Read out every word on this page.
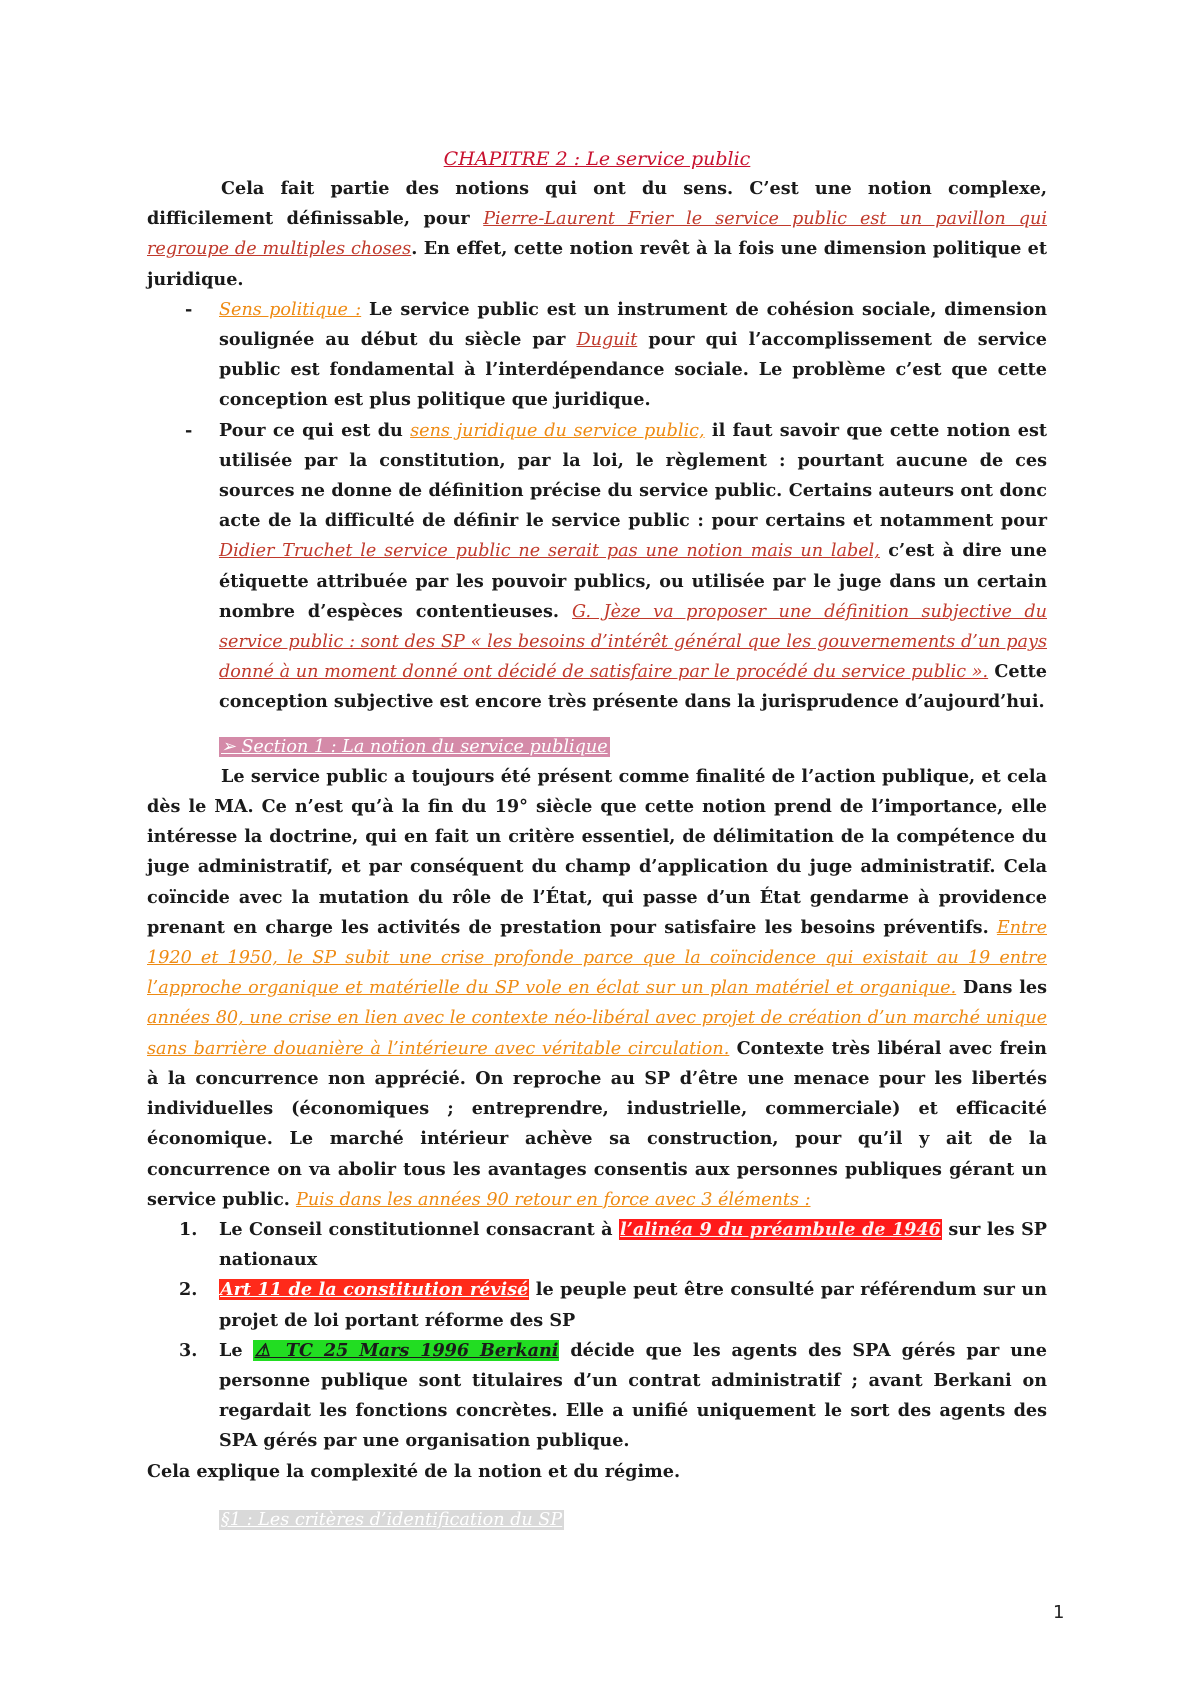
CHAPITRE 2 : Le service public

Cela fait partie des notions qui ont du sens. C’est une notion complexe, difficilement définissable, pour Pierre-Laurent Frier le service public est un pavillon qui regroupe de multiples choses. En effet, cette notion revêt à la fois une dimension politique et juridique.

- Sens politique : Le service public est un instrument de cohésion sociale, dimension soulignée au début du siècle par Duguit pour qui l’accomplissement de service public est fondamental à l’interdépendance sociale. Le problème c’est que cette conception est plus politique que juridique.
- Pour ce qui est du sens juridique du service public, il faut savoir que cette notion est utilisée par la constitution, par la loi, le règlement : pourtant aucune de ces sources ne donne de définition précise du service public. Certains auteurs ont donc acte de la difficulté de définir le service public : pour certains et notamment pour Didier Truchet le service public ne serait pas une notion mais un label, c’est à dire une étiquette attribuée par les pouvoir publics, ou utilisée par le juge dans un certain nombre d’espèces contentieuses. G. Jèze va proposer une définition subjective du service public : sont des SP « les besoins d’intérêt général que les gouvernements d’un pays donné à un moment donné ont décidé de satisfaire par le procédé du service public ». Cette conception subjective est encore très présente dans la jurisprudence d’aujourd’hui.

➢ Section 1 : La notion du service publique

Le service public a toujours été présent comme finalité de l’action publique, et cela dès le MA. Ce n’est qu’à la fin du 19° siècle que cette notion prend de l’importance, elle intéresse la doctrine, qui en fait un critère essentiel, de délimitation de la compétence du juge administratif, et par conséquent du champ d’application du juge administratif. Cela coïncide avec la mutation du rôle de l’État, qui passe d’un État gendarme à providence prenant en charge les activités de prestation pour satisfaire les besoins préventifs. Entre 1920 et 1950, le SP subit une crise profonde parce que la coïncidence qui existait au 19 entre l’approche organique et matérielle du SP vole en éclat sur un plan matériel et organique. Dans les années 80, une crise en lien avec le contexte néo-libéral avec projet de création d’un marché unique sans barrière douanière à l’intérieure avec véritable circulation. Contexte très libéral avec frein à la concurrence non apprécié. On reproche au SP d’être une menace pour les libertés individuelles (économiques ; entreprendre, industrielle, commerciale) et efficacité économique. Le marché intérieur achève sa construction, pour qu’il y ait de la concurrence on va abolir tous les avantages consentis aux personnes publiques gérant un service public. Puis dans les années 90 retour en force avec 3 éléments :

1. Le Conseil constitutionnel consacrant à l’alinéa 9 du préambule de 1946 sur les SP nationaux
2. Art 11 de la constitution révisé le peuple peut être consulté par référendum sur un projet de loi portant réforme des SP
3. Le ⚠ TC 25 Mars 1996 Berkani décide que les agents des SPA gérés par une personne publique sont titulaires d’un contrat administratif ; avant Berkani on regardait les fonctions concrètes. Elle a unifié uniquement le sort des agents des SPA gérés par une organisation publique.

Cela explique la complexité de la notion et du régime.

§1 : Les critères d’identification du SP

1
